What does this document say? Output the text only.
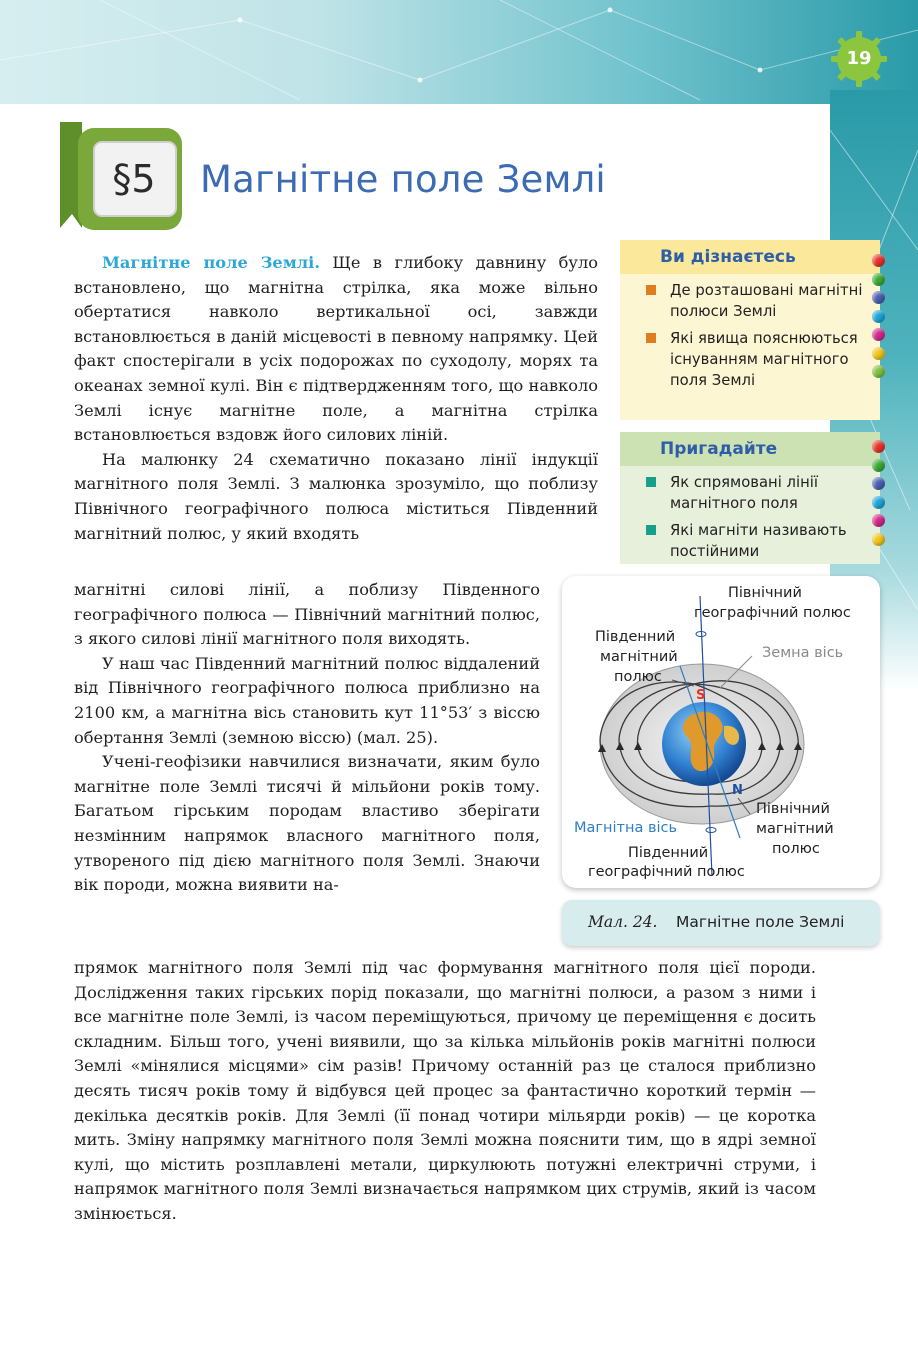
19
§5	Магнітне поле Землі

Магнітне поле Землі. Ще в глибоку давнину було встановлено, що магнітна стрілка, яка може вільно обертатися навколо вертикальної осі, завжди встановлюється в даній місцевості в певному напрямку. Цей факт спостерігали в усіх подорожах по суходолу, морях та океанах земної кулі. Він є підтвердженням того, що навколо Землі існує магнітне поле, а магнітна стрілка встановлюється вздовж його силових ліній.

На малюнку 24 схематично показано лінії індукції магнітного поля Землі. З малюнка зрозуміло, що поблизу Північного географічного полюса міститься Південний магнітний полюс, у який входять

магнітні силові лінії, а поблизу Південного географічного полюса — Північний магнітний полюс, з якого силові лінії магнітного поля виходять.

У наш час Південний магнітний полюс віддалений від Північного географічного полюса приблизно на 2100 км, а магнітна вісь становить кут 11°53′ з віссю обертання Землі (земною віссю) (мал. 25).

Учені-геофізики навчилися визначати, яким було магнітне поле Землі тисячі й мільйони років тому. Багатьом гірським породам властиво зберігати незмінним напрямок власного магнітного поля, утвореного під дією магнітного поля Землі. Знаючи вік породи, можна виявити на-

прямок магнітного поля Землі під час формування магнітного поля цієї породи. Дослідження таких гірських порід показали, що магнітні полюси, а разом з ними і все магнітне поле Землі, із часом переміщуються, причому це переміщення є досить складним. Більш того, учені виявили, що за кілька мільйонів років магнітні полюси Землі «мінялися місцями» сім разів! Причому останній раз це сталося приблизно десять тисяч років тому й відбувся цей процес за фантастично короткий термін — декілька десятків років. Для Землі (її понад чотири мільярди років) — це коротка мить. Зміну напрямку магнітного поля Землі можна пояснити тим, що в ядрі земної кулі, що містить розплавлені метали, циркулюють потужні електричні струми, і напрямок магнітного поля Землі визначається напрямком цих струмів, який із часом змінюється.

Ви дізнаєтесь
Де розташовані магнітні полюси Землі
Які явища пояснюються існуванням магнітного поля Землі
Пригадайте
Як спрямовані лінії магнітного поля
Які магніти називають постійними
Північний
географічний полюс
Південний
магнітний
полюс
Земна вісь
S
N
Північний
магнітний
полюс
Магнітна вісь
Південний
географічний полюс
Мал. 24. Магнітне поле Землі
